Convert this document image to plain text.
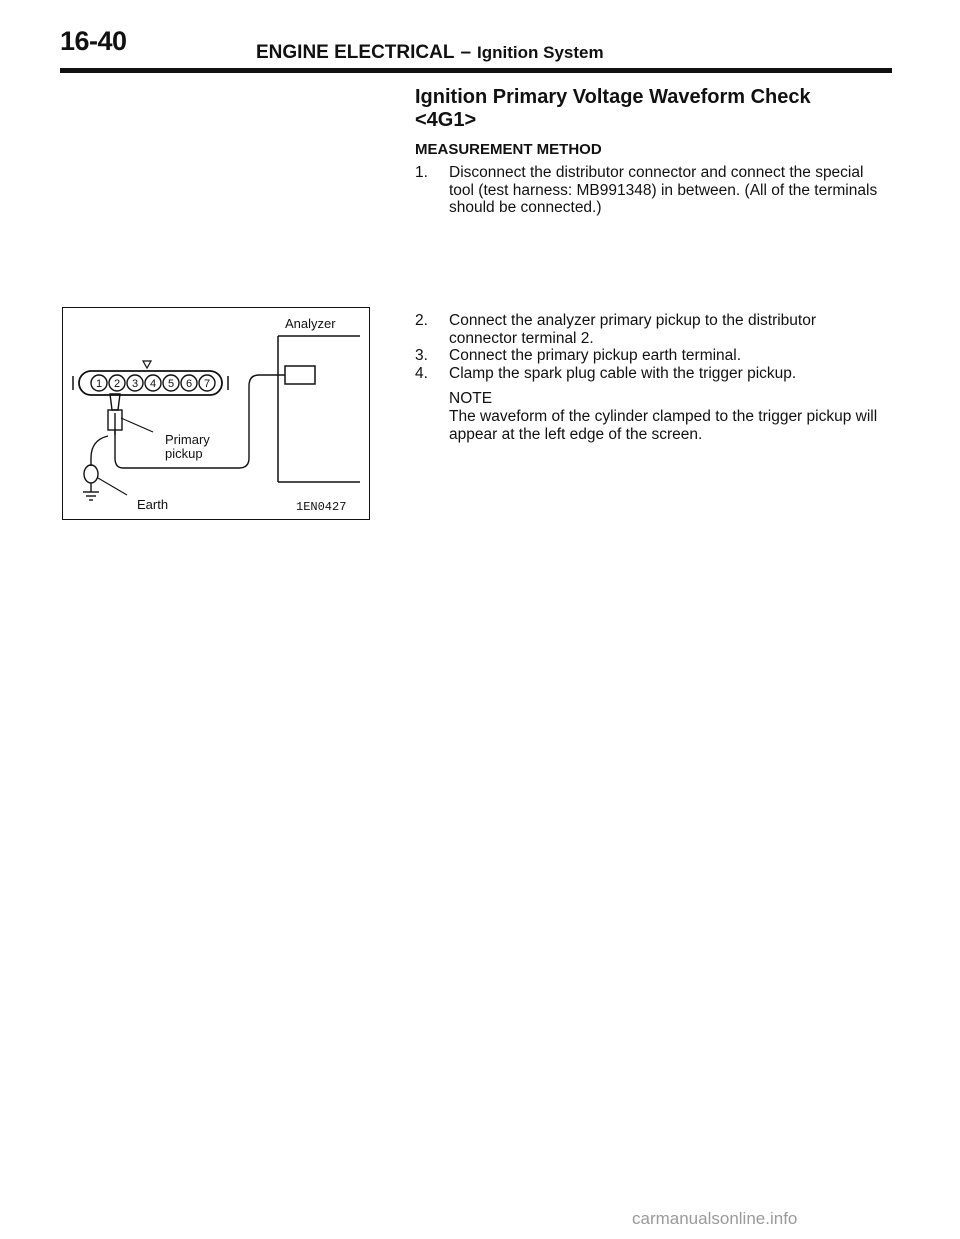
16-40	ENGINE ELECTRICAL – Ignition System
Ignition Primary Voltage Waveform Check
<4G1>
MEASUREMENT METHOD
1.	Disconnect the distributor connector and connect the special tool (test harness: MB991348) in between. (All of the terminals should be connected.)
1 2 3 4 5 6 7
Analyzer
Primary
pickup
Earth	1EN0427
2.	Connect the analyzer primary pickup to the distributor connector terminal 2.
3.	Connect the primary pickup earth terminal.
4.	Clamp the spark plug cable with the trigger pickup.
NOTE
The waveform of the cylinder clamped to the trigger pickup will appear at the left edge of the screen.
carmanualsonline.info
